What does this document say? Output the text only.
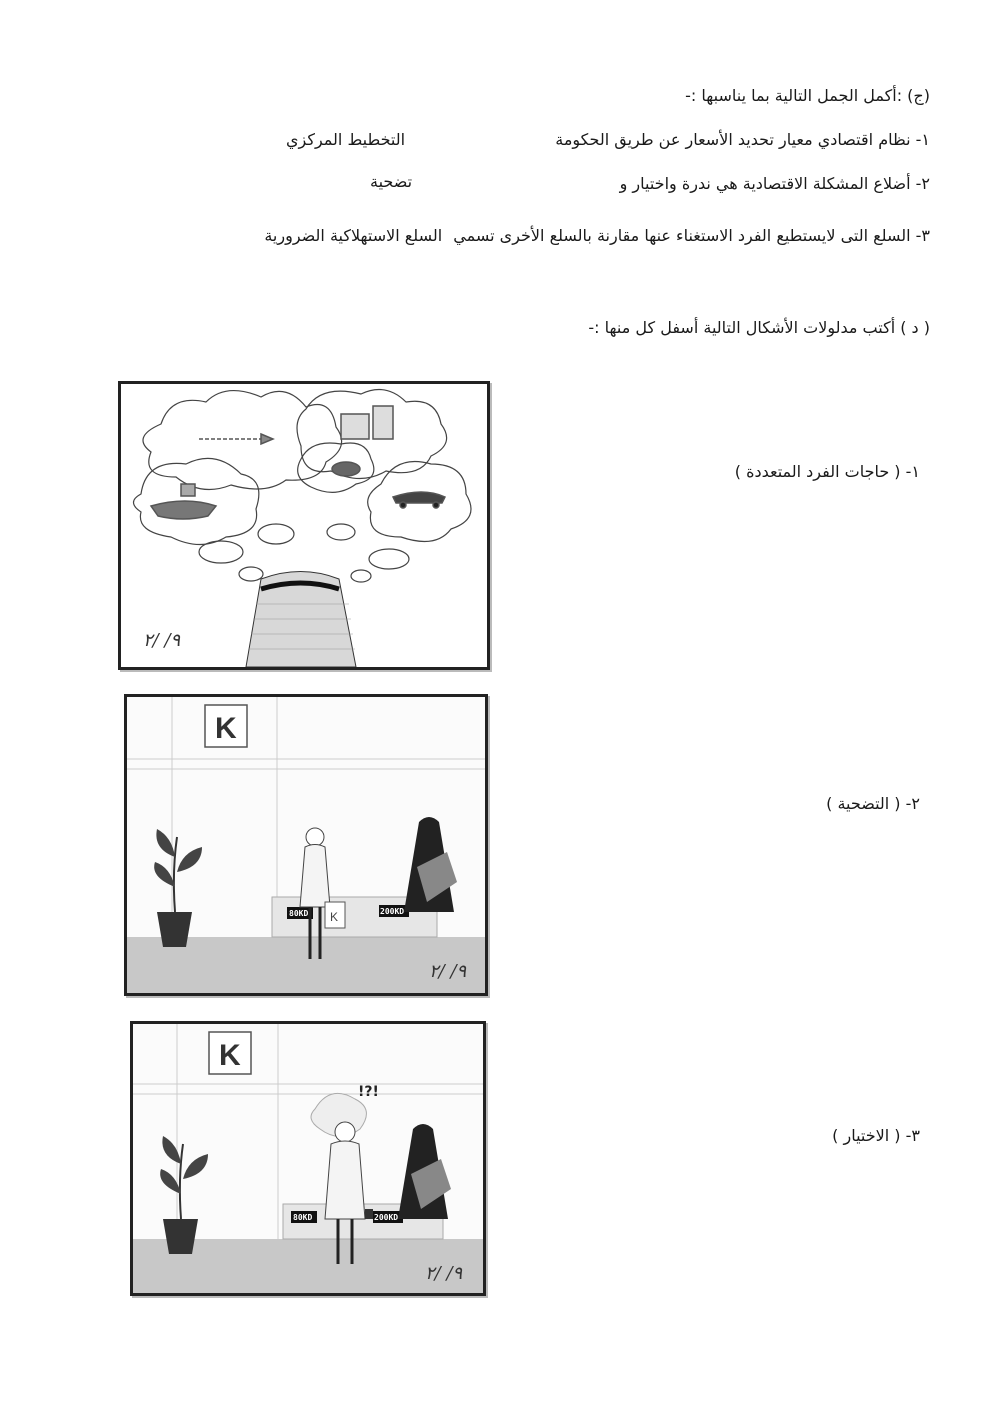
(ج) :أكمل الجمل التالية بما يناسبها :-
١- نظام اقتصادي معيار تحديد الأسعار عن طريق الحكومة
التخطيط المركزي
٢- أضلاع المشكلة الاقتصادية هي ندرة واختيار و
تضحية
٣- السلع التى لايستطيع الفرد الاستغناء عنها مقارنة بالسلع الأخرى تسمي السلع الاستهلاكية الضرورية
( د ) أكتب مدلولات الأشكال التالية أسفل كل منها :-
٩/ /٢
١- ( حاجات الفرد المتعددة )
K
80KD	200KD
K
٩/ /٢
٢- ( التضحية )
K
80KD	200KD
!?!
٩/ /٢
٣- ( الاختيار )
